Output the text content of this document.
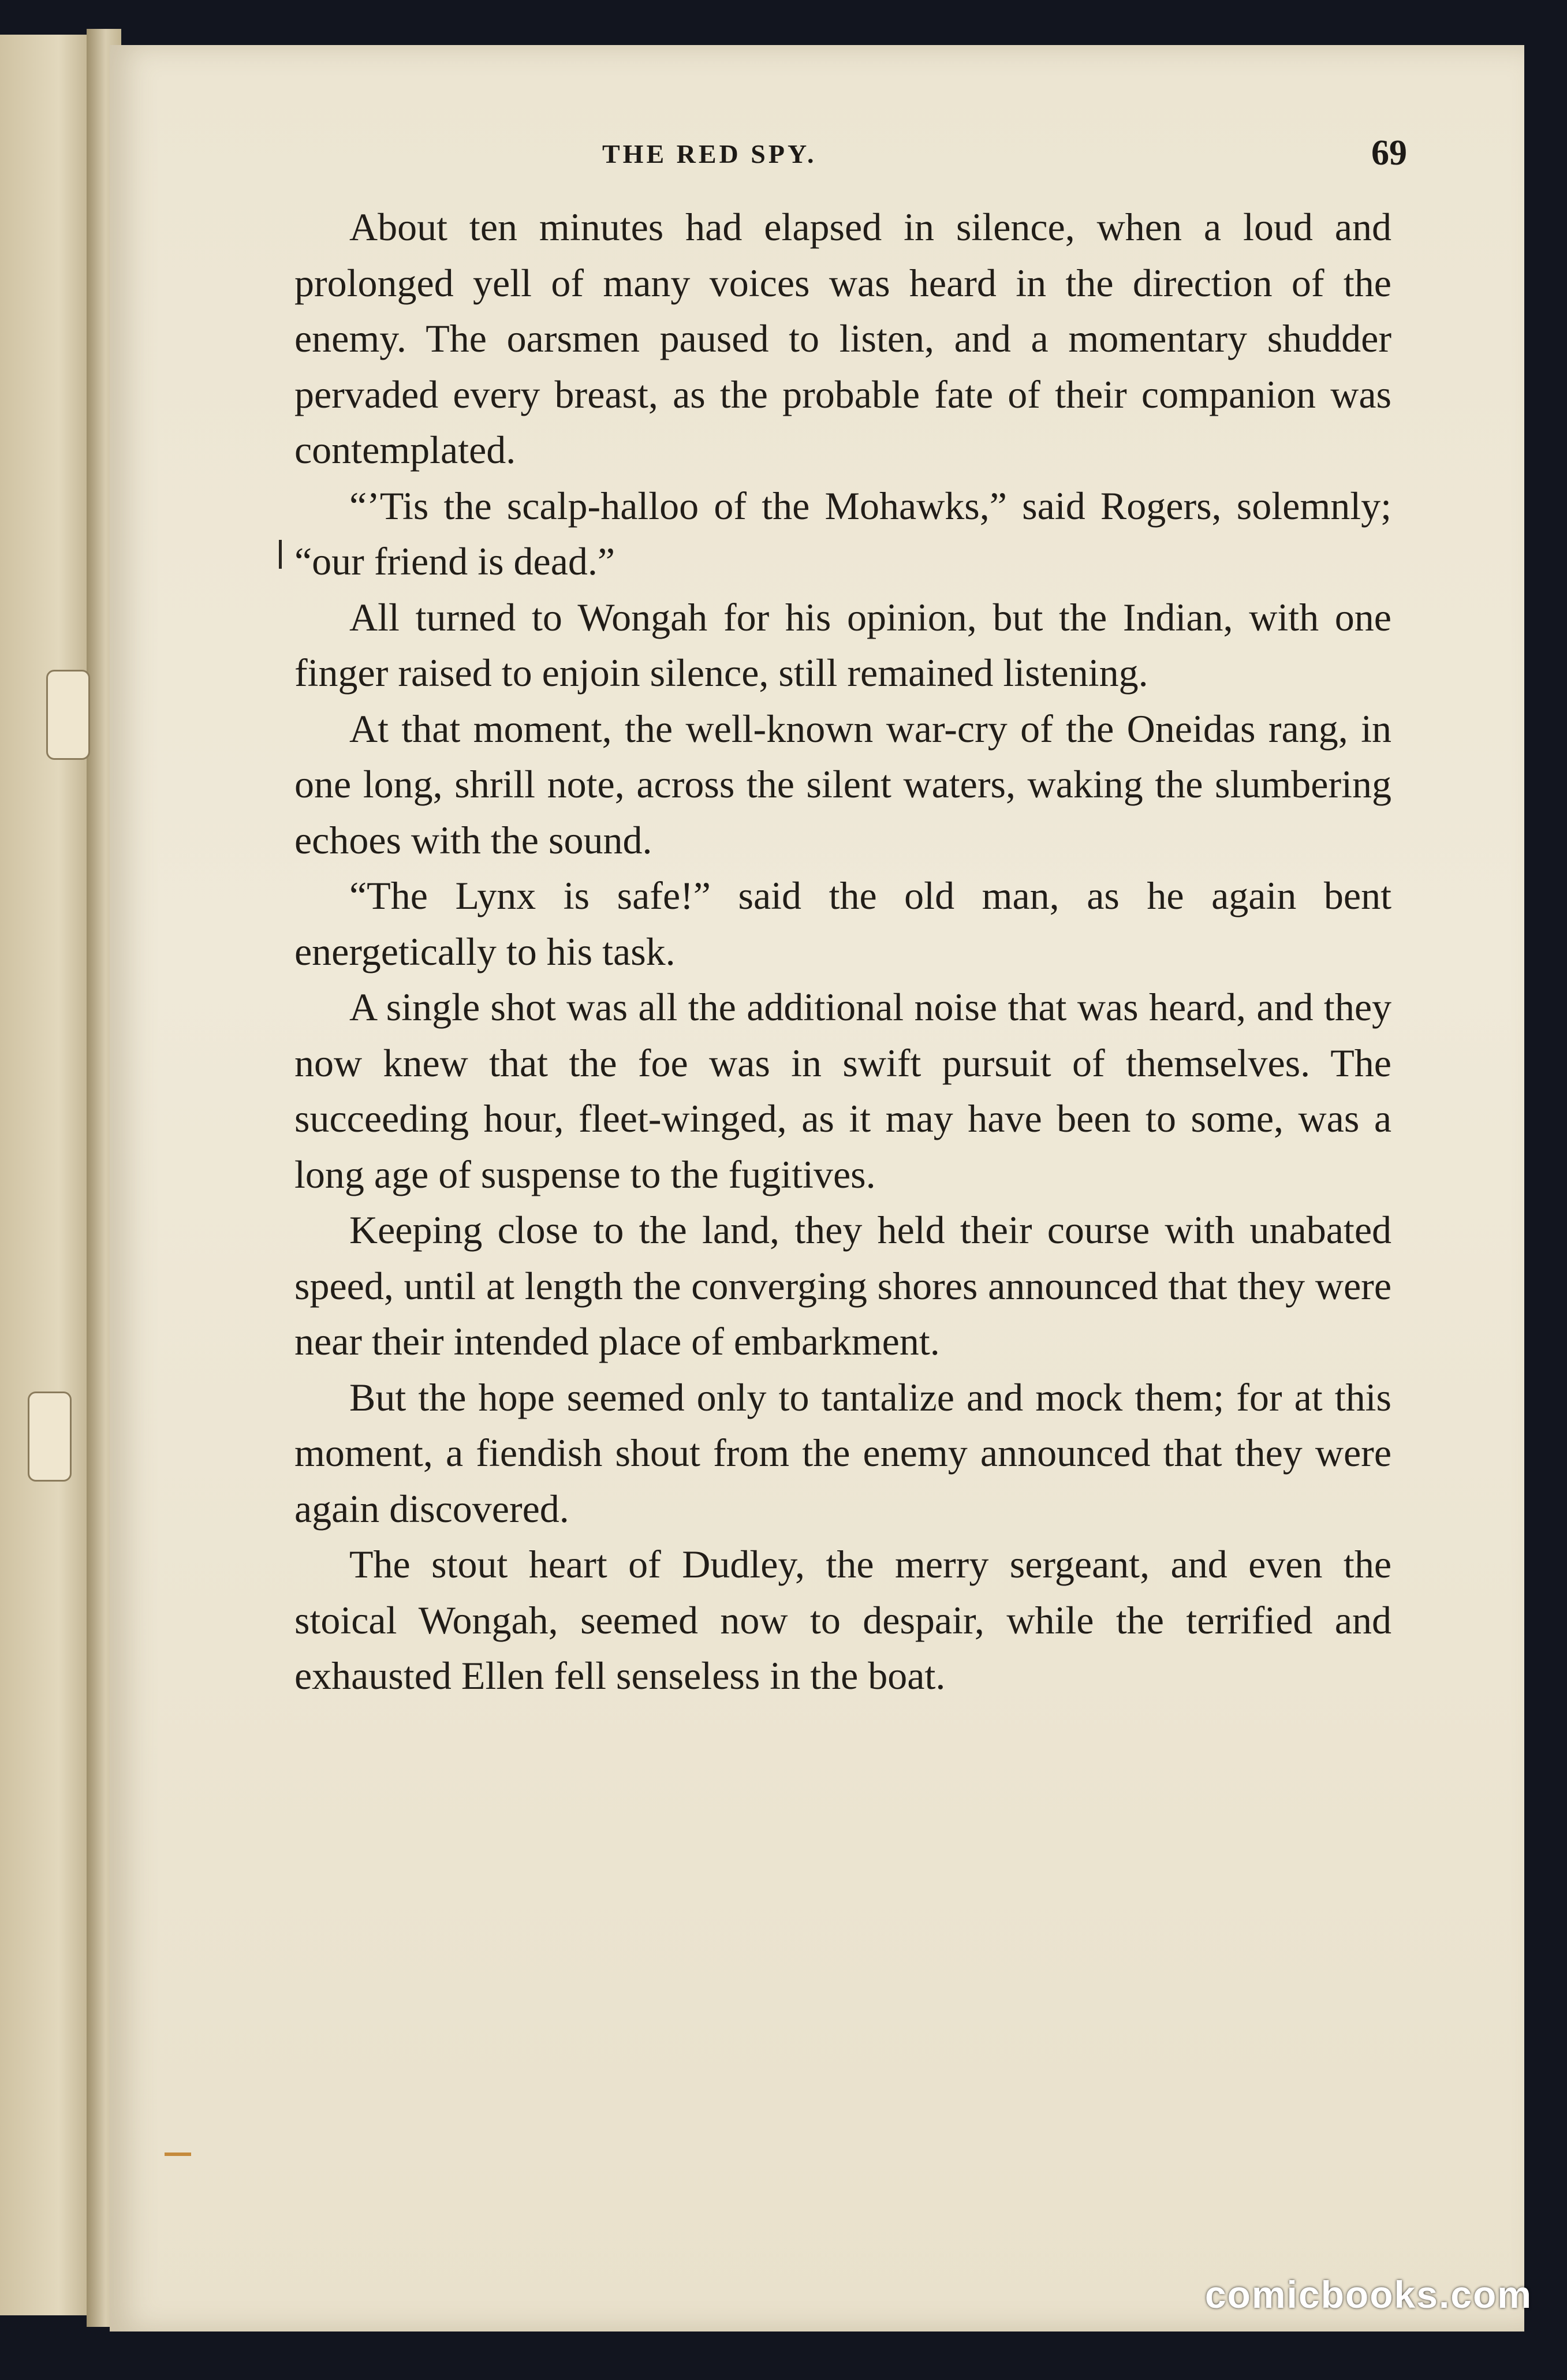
THE RED SPY.	69

About ten minutes had elapsed in silence, when a loud and prolonged yell of many voices was heard in the direction of the enemy. The oarsmen paused to listen, and a momentary shudder pervaded every breast, as the probable fate of their companion was contemplated.

“’Tis the scalp-halloo of the Mohawks,” said Rogers, solemnly; “our friend is dead.”

All turned to Wongah for his opinion, but the Indian, with one finger raised to enjoin silence, still remained listening.

At that moment, the well-known war-cry of the Oneidas rang, in one long, shrill note, across the silent waters, waking the slumbering echoes with the sound.

“The Lynx is safe!” said the old man, as he again bent energetically to his task.

A single shot was all the additional noise that was heard, and they now knew that the foe was in swift pursuit of themselves. The succeeding hour, fleet-winged, as it may have been to some, was a long age of suspense to the fugitives.

Keeping close to the land, they held their course with unabated speed, until at length the converging shores announced that they were near their intended place of embarkment.

But the hope seemed only to tantalize and mock them; for at this moment, a fiendish shout from the enemy announced that they were again discovered.

The stout heart of Dudley, the merry sergeant, and even the stoical Wongah, seemed now to despair, while the terrified and exhausted Ellen fell senseless in the boat.

comicbooks.com
